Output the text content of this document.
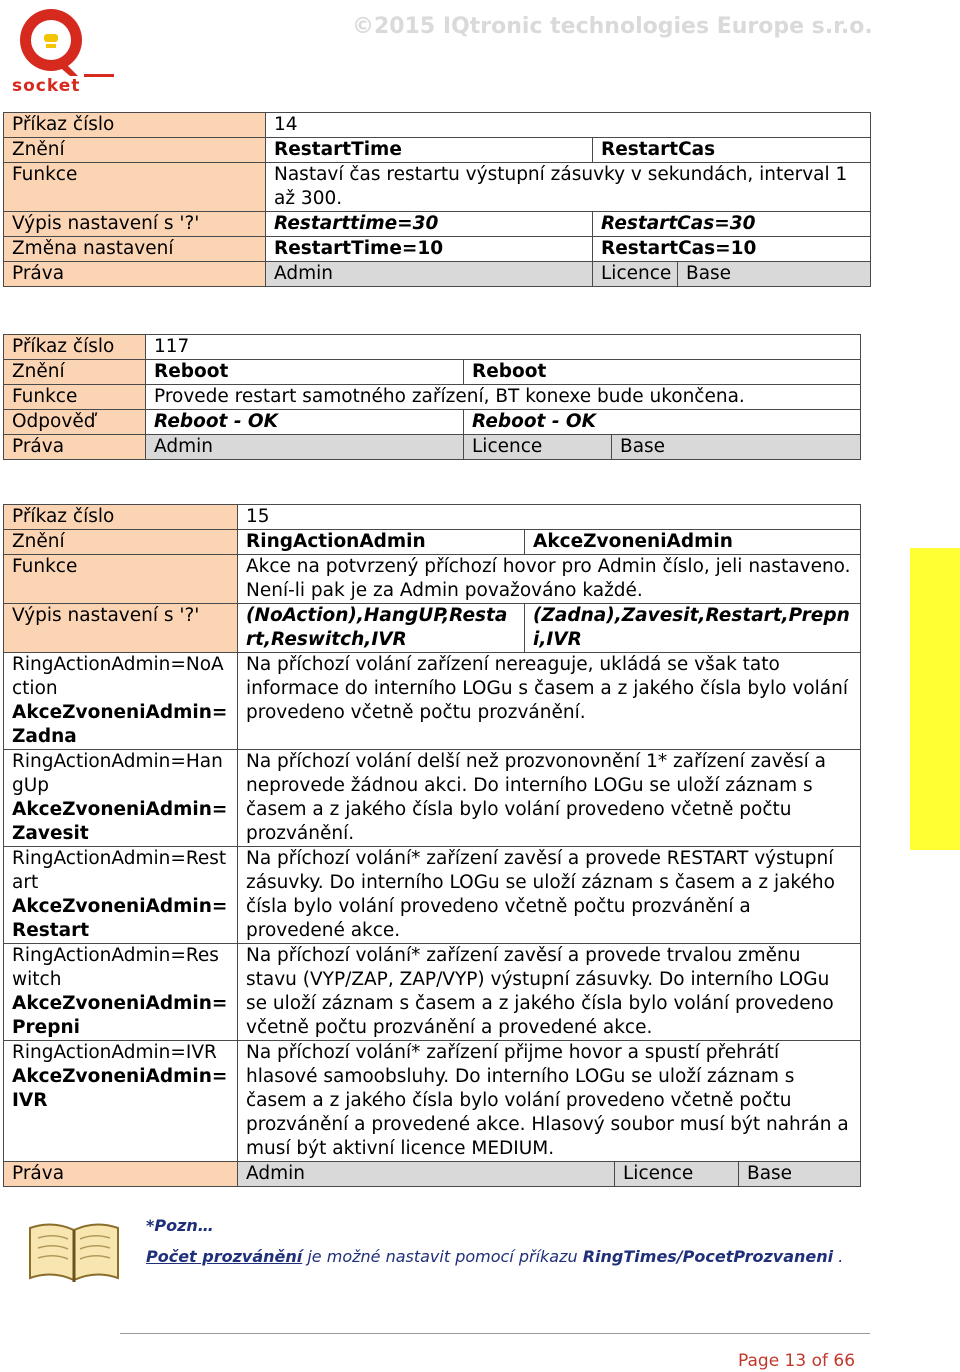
socket
©2015 IQtronic technologies Europe s.r.o.
Příkaz číslo	14		
Znění	RestartTime	RestartCas	
Funkce	Nastaví čas restartu výstupní zásuvky v sekundách, interval 1 až 300.		
Výpis nastavení s '?'	Restarttime=30	RestartCas=30	
Změna nastavení	RestartTime=10	RestartCas=10	
Práva	Admin	Licence	Base
Příkaz číslo	117		
Znění	Reboot	Reboot	
Funkce	Provede restart samotného zařízení, BT konexe bude ukončena.		
Odpověď	Reboot - OK	Reboot - OK	
Práva	Admin	Licence	Base
Příkaz číslo	15			
Znění	RingActionAdmin	AkceZvoneniAdmin		
Funkce	Akce na potvrzený příchozí hovor pro Admin číslo, jeli nastaveno. Není-li pak je za Admin považováno každé.			
Výpis nastavení s '?'	(NoAction),HangUP,Restart,Reswitch,IVR	(Zadna),Zavesit,Restart,Prepni,IVR		

RingActionAdmin=NoAction
AkceZvoneniAdmin=Zadna	Na příchozí volání zařízení nereaguje, ukládá se však tato informace do interního LOGu s časem a z jakého čísla bylo volání provedeno včetně počtu prozvánění.			

RingActionAdmin=HangUp
AkceZvoneniAdmin=Zavesit	Na příchozí volání delší než prozvonονnění 1* zařízení zavěsí a neprovede žádnou akci. Do interního LOGu se uloží záznam s časem a z jakého čísla bylo volání provedeno včetně počtu prozvánění.			

RingActionAdmin=Restart
AkceZvoneniAdmin=Restart	Na příchozí volání* zařízení zavěsí a provede RESTART výstupní zásuvky. Do interního LOGu se uloží záznam s časem a z jakého čísla bylo volání provedeno včetně počtu prozvánění a provedené akce.			

RingActionAdmin=Reswitch
AkceZvoneniAdmin=Prepni	Na příchozí volání* zařízení zavěsí a provede trvalou změnu stavu (VYP/ZAP, ZAP/VYP) výstupní zásuvky. Do interního LOGu se uloží záznam s časem a z jakého čísla bylo volání provedeno včetně počtu prozvánění a provedené akce.			

RingActionAdmin=IVR
AkceZvoneniAdmin=IVR	Na příchozí volání* zařízení přijme hovor a spustí přehrátí hlasové samoobsluhy. Do interního LOGu se uloží záznam s časem a z jakého čísla bylo volání provedeno včetně počtu prozvánění a provedené akce. Hlasový soubor musí být nahrán a musí být aktivní licence MEDIUM.			
Práva	Admin		Licence	Base
*Pozn…
Počet prozvánění je možné nastavit pomocí příkazu RingTimes/PocetProzvaneni .
Page 13 of 66
